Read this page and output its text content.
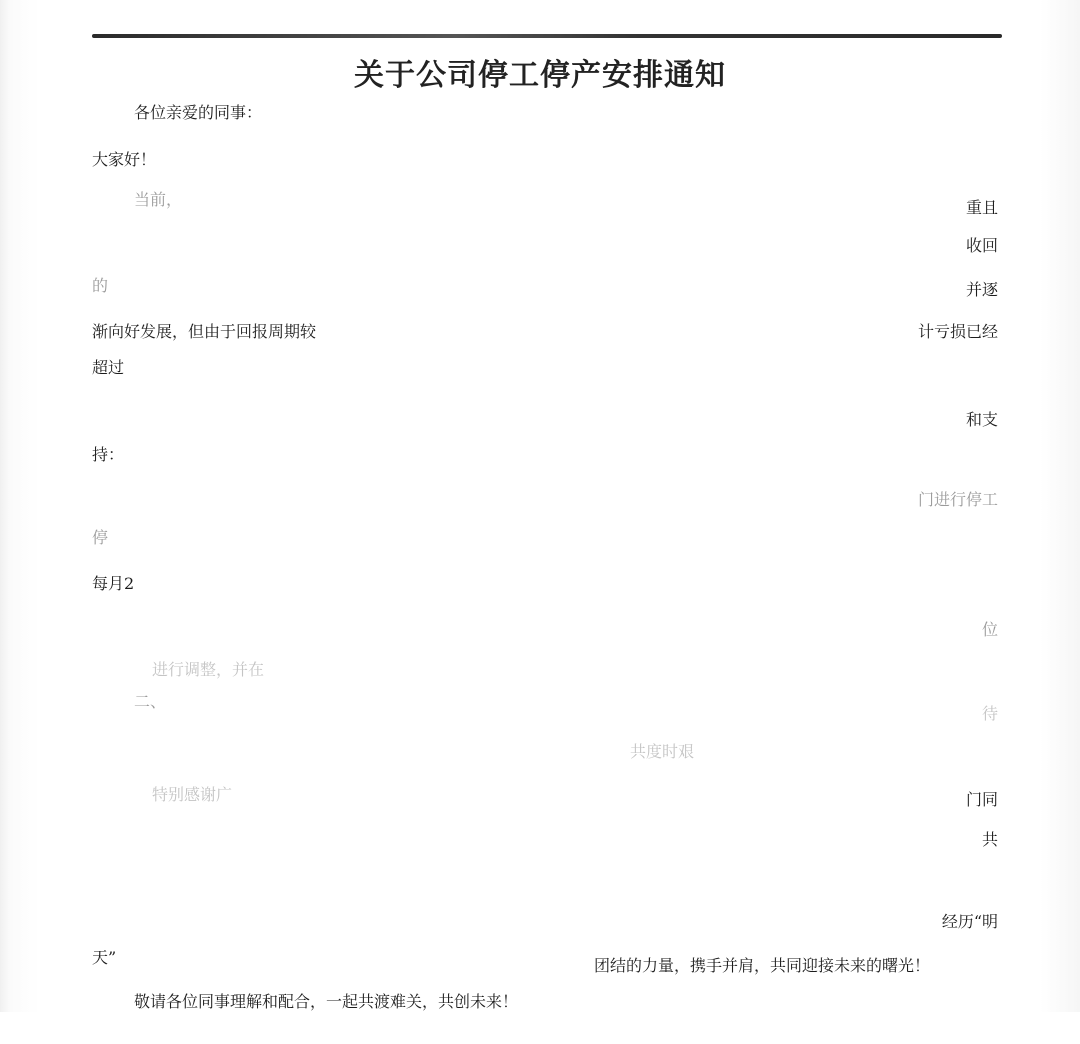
关于公司停工停产安排通知
各位亲爱的同事：
大家好！
当前，	重且
收回
的	并逐
渐向好发展，但由于回报周期较	计亏损已经
超过
和支
持：
门进行停工
停
每月2
位
进行调整，并在
二、
待
共度时艰
特别感谢广	门同
共
经历“明
天”	团结的力量，携手并肩，共同迎接未来的曙光！
敬请各位同事理解和配合，一起共渡难关，共创未来！
